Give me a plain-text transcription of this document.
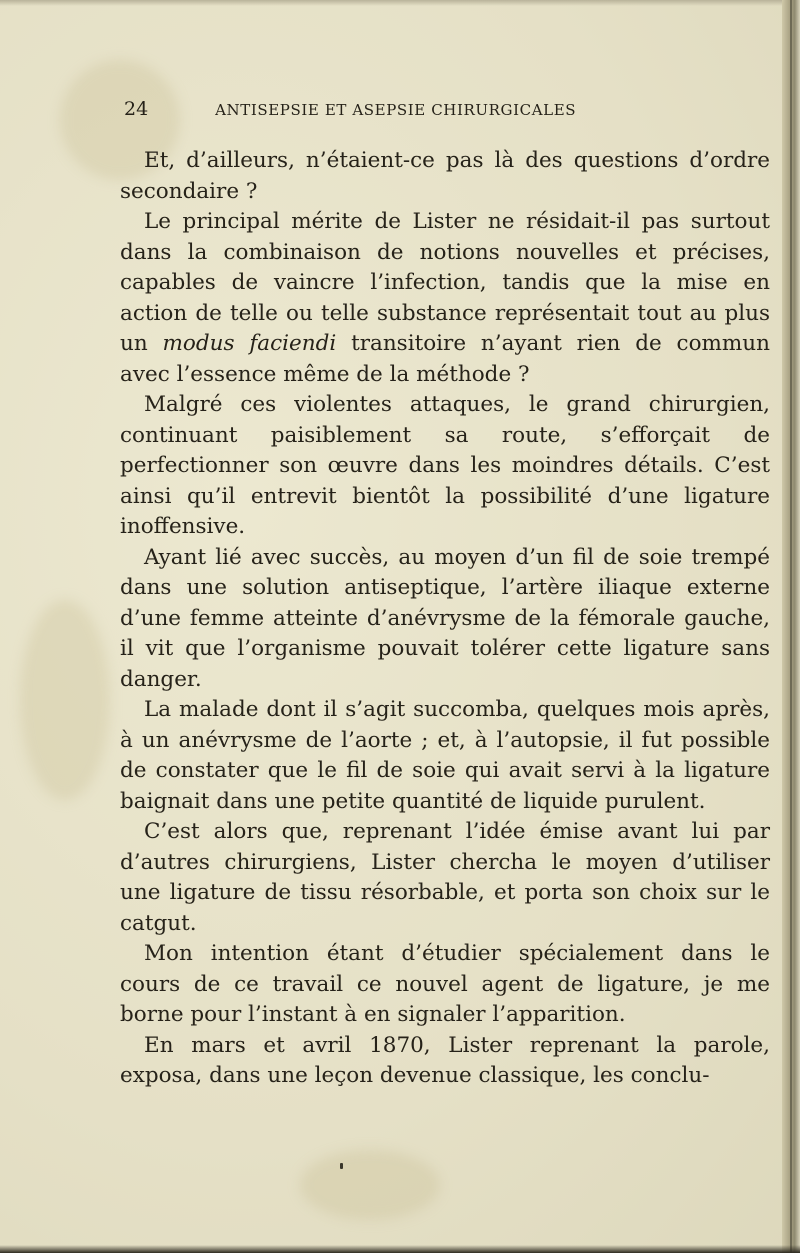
24	ANTISEPSIE ET ASEPSIE CHIRURGICALES

Et, d’ailleurs, n’étaient-ce pas là des questions d’ordre secondaire ?

Le principal mérite de Lister ne résidait-il pas surtout dans la combinaison de notions nouvelles et précises, capables de vaincre l’infection, tandis que la mise en action de telle ou telle substance représentait tout au plus un modus faciendi transitoire n’ayant rien de commun avec l’essence même de la méthode ?

Malgré ces violentes attaques, le grand chirurgien, continuant paisiblement sa route, s’efforçait de perfectionner son œuvre dans les moindres détails. C’est ainsi qu’il entrevit bientôt la possibilité d’une ligature inoffensive.

Ayant lié avec succès, au moyen d’un fil de soie trempé dans une solution antiseptique, l’artère iliaque externe d’une femme atteinte d’anévrysme de la fémorale gauche, il vit que l’organisme pouvait tolérer cette ligature sans danger.

La malade dont il s’agit succomba, quelques mois après, à un anévrysme de l’aorte ; et, à l’autopsie, il fut possible de constater que le fil de soie qui avait servi à la ligature baignait dans une petite quantité de liquide purulent.

C’est alors que, reprenant l’idée émise avant lui par d’autres chirurgiens, Lister chercha le moyen d’utiliser une ligature de tissu résorbable, et porta son choix sur le catgut.

Mon intention étant d’étudier spécialement dans le cours de ce travail ce nouvel agent de ligature, je me borne pour l’instant à en signaler l’apparition.

En mars et avril 1870, Lister reprenant la parole, exposa, dans une leçon devenue classique, les conclu-
